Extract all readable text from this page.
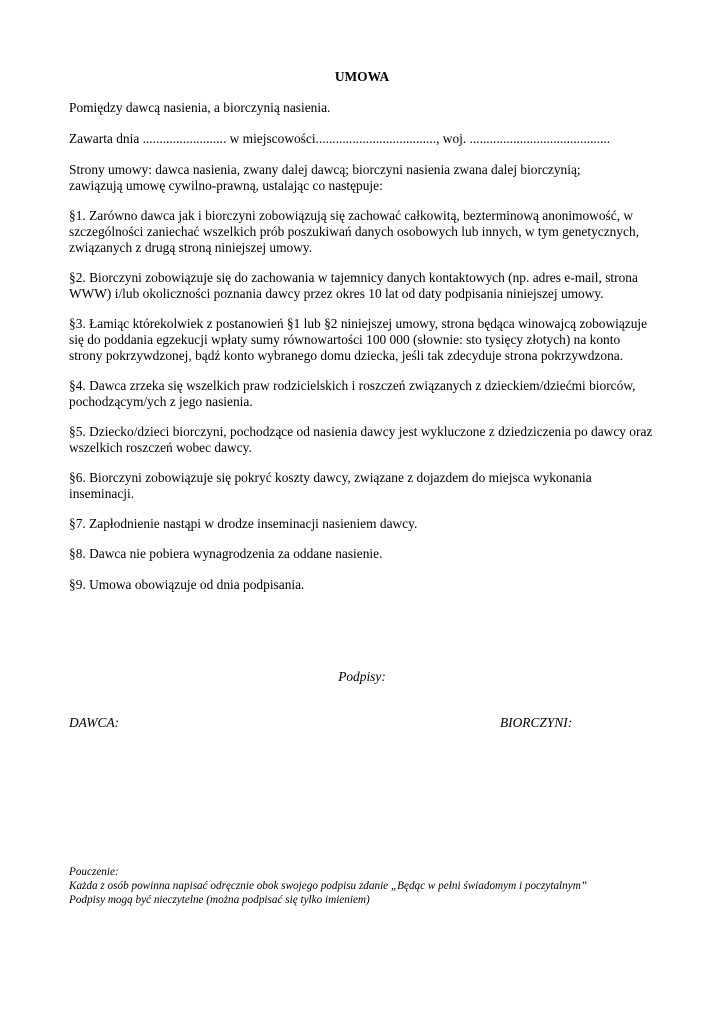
UMOWA
Pomiędzy dawcą nasienia, a biorczynią nasienia.
Zawarta dnia ......................... w miejscowości...................................., woj. ..........................................
Strony umowy: dawca nasienia, zwany dalej dawcą; biorczyni nasienia zwana dalej biorczynią;
zawiązują umowę cywilno-prawną, ustalając co następuje:
§1. Zarówno dawca jak i biorczyni zobowiązują się zachować całkowitą, bezterminową anonimowość, w
szczególności zaniechać wszelkich prób poszukiwań danych osobowych lub innych, w tym genetycznych,
związanych z drugą stroną niniejszej umowy.
§2. Biorczyni zobowiązuje się do zachowania w tajemnicy danych kontaktowych (np. adres e-mail, strona
WWW) i/lub okoliczności poznania dawcy przez okres 10 lat od daty podpisania niniejszej umowy.
§3. Łamiąc którekolwiek z postanowień §1 lub §2 niniejszej umowy, strona będąca winowajcą zobowiązuje
się do poddania egzekucji wpłaty sumy równowartości 100 000 (słownie: sto tysięcy złotych) na konto
strony pokrzywdzonej, bądź konto wybranego domu dziecka, jeśli tak zdecyduje strona pokrzywdzona.
§4. Dawca zrzeka się wszelkich praw rodzicielskich i roszczeń związanych z dzieckiem/dziećmi biorców,
pochodzącym/ych z jego nasienia.
§5. Dziecko/dzieci biorczyni, pochodzące od nasienia dawcy jest wykluczone z dziedziczenia po dawcy oraz
wszelkich roszczeń wobec dawcy.
§6. Biorczyni zobowiązuje się pokryć koszty dawcy, związane z dojazdem do miejsca wykonania
inseminacji.
§7. Zapłodnienie nastąpi w drodze inseminacji nasieniem dawcy.
§8. Dawca nie pobiera wynagrodzenia za oddane nasienie.
§9. Umowa obowiązuje od dnia podpisania.
Podpisy:
DAWCA:	BIORCZYNI:
Pouczenie:
Każda z osób powinna napisać odręcznie obok swojego podpisu zdanie „Będąc w pełni świadomym i poczytalnym”
Podpisy mogą być nieczytelne (można podpisać się tylko imieniem)
